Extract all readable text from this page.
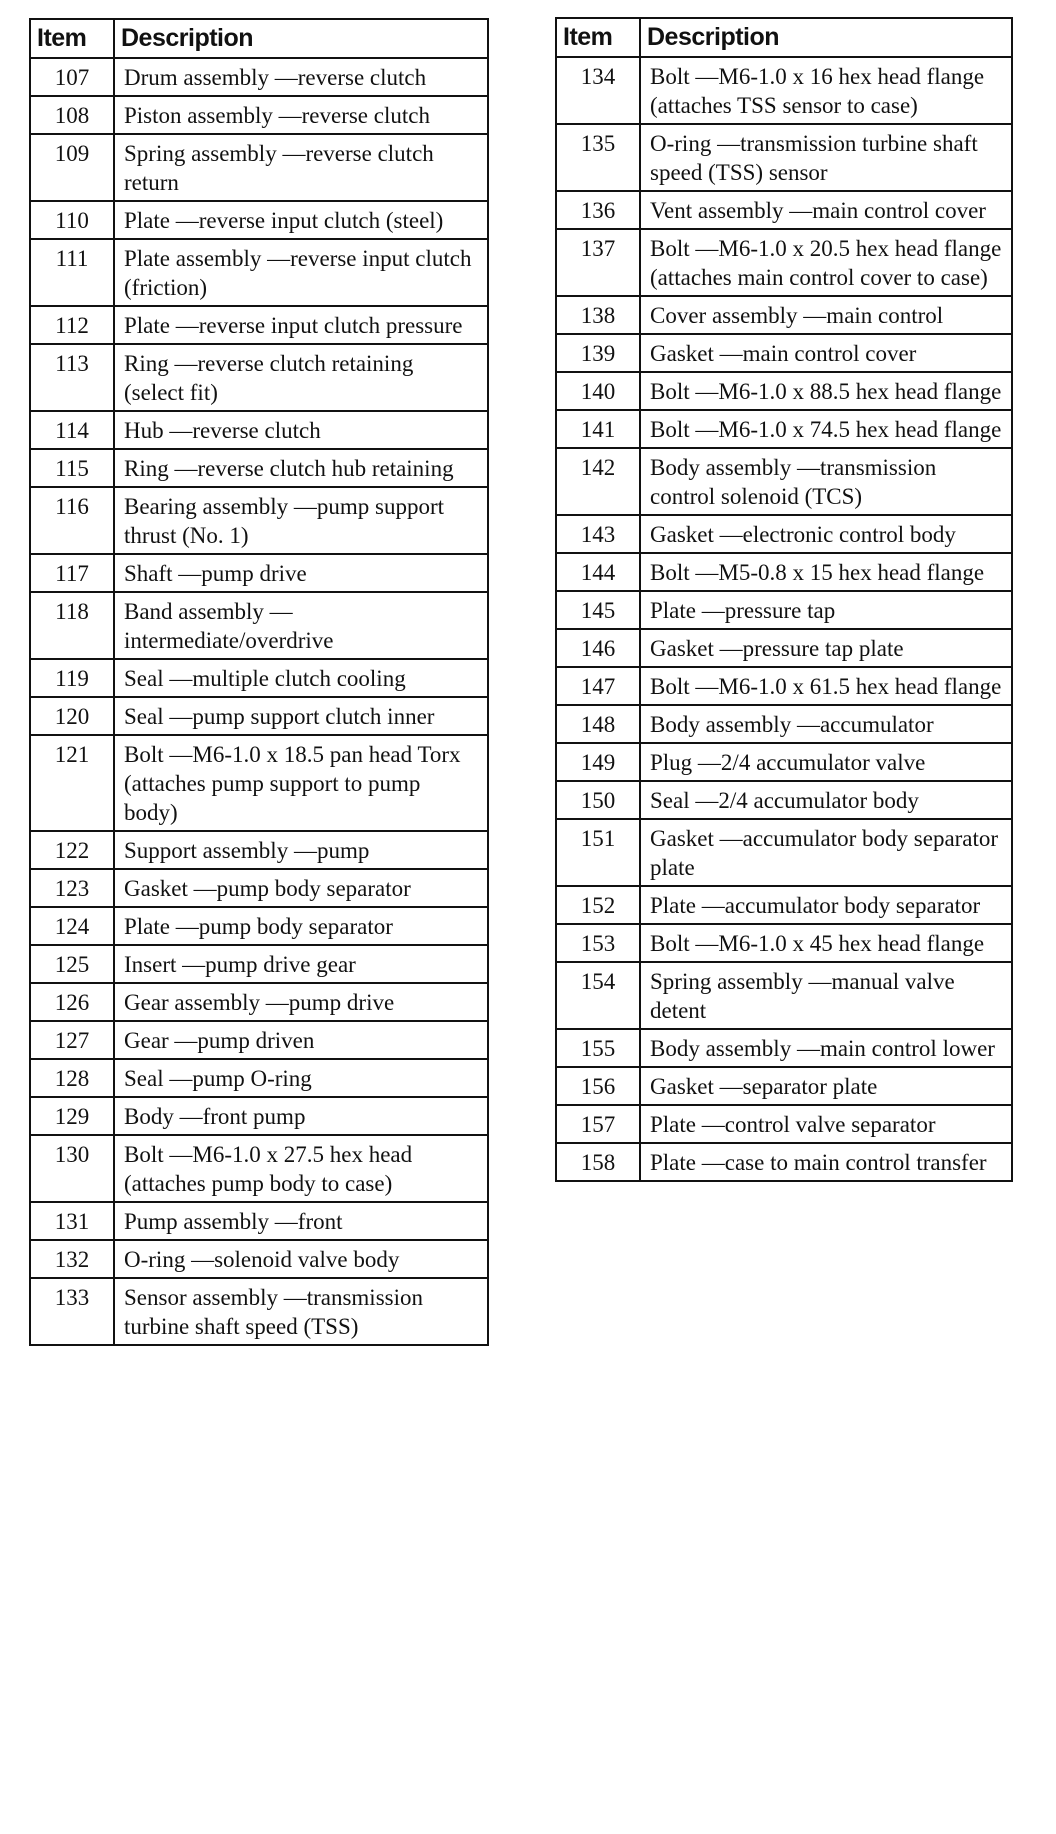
Item	Description
107	Drum assembly —reverse clutch
108	Piston assembly —reverse clutch
109	Spring assembly —reverse clutch return
110	Plate —reverse input clutch (steel)
111	Plate assembly —reverse input clutch (friction)
112	Plate —reverse input clutch pressure
113	Ring —reverse clutch retaining (select fit)
114	Hub —reverse clutch
115	Ring —reverse clutch hub retaining
116	Bearing assembly —pump support thrust (No. 1)
117	Shaft —pump drive
118	Band assembly —intermediate/overdrive
119	Seal —multiple clutch cooling
120	Seal —pump support clutch inner
121	Bolt —M6-1.0 x 18.5 pan head Torx (attaches pump support to pump body)
122	Support assembly —pump
123	Gasket —pump body separator
124	Plate —pump body separator
125	Insert —pump drive gear
126	Gear assembly —pump drive
127	Gear —pump driven
128	Seal —pump O-ring
129	Body —front pump
130	Bolt —M6-1.0 x 27.5 hex head (attaches pump body to case)
131	Pump assembly —front
132	O-ring —solenoid valve body
133	Sensor assembly —transmission turbine shaft speed (TSS)
Item	Description
134	Bolt —M6-1.0 x 16 hex head flange (attaches TSS sensor to case)
135	O-ring —transmission turbine shaft speed (TSS) sensor
136	Vent assembly —main control cover
137	Bolt —M6-1.0 x 20.5 hex head flange (attaches main control cover to case)
138	Cover assembly —main control
139	Gasket —main control cover
140	Bolt —M6-1.0 x 88.5 hex head flange
141	Bolt —M6-1.0 x 74.5 hex head flange
142	Body assembly —transmission control solenoid (TCS)
143	Gasket —electronic control body
144	Bolt —M5-0.8 x 15 hex head flange
145	Plate —pressure tap
146	Gasket —pressure tap plate
147	Bolt —M6-1.0 x 61.5 hex head flange
148	Body assembly —accumulator
149	Plug —2/4 accumulator valve
150	Seal —2/4 accumulator body
151	Gasket —accumulator body separator plate
152	Plate —accumulator body separator
153	Bolt —M6-1.0 x 45 hex head flange
154	Spring assembly —manual valve detent
155	Body assembly —main control lower
156	Gasket —separator plate
157	Plate —control valve separator
158	Plate —case to main control transfer
